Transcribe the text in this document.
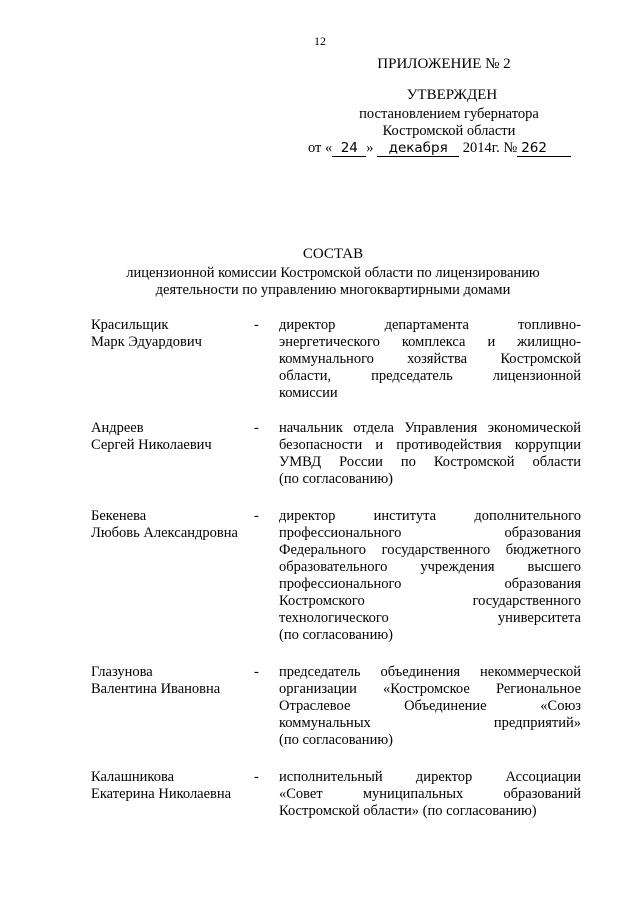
12
ПРИЛОЖЕНИЕ № 2
УТВЕРЖДЕН
постановлением губернатора
Костромской области
от « 24 » декабря 2014г. № 262
СОСТАВ
лицензионной комиссии Костромской области по лицензированию
деятельности по управлению многоквартирными домами
Красильщик
Марк Эдуардович
- директор департамента топливно-
энергетического комплекса и жилищно-
коммунального хозяйства Костромской
области, председатель лицензионной
комиссии
Андреев
Сергей Николаевич
- начальник отдела Управления экономической
безопасности и противодействия коррупции
УМВД России по Костромской области
(по согласованию)
Бекенева
Любовь Александровна
- директор института дополнительного
профессионального образования
Федерального государственного бюджетного
образовательного учреждения высшего
профессионального образования
Костромского государственного
технологического университета
(по согласованию)
Глазунова
Валентина Ивановна
- председатель объединения некоммерческой
организации «Костромское Региональное
Отраслевое Объединение «Союз
коммунальных предприятий»
(по согласованию)
Калашникова
Екатерина Николаевна
- исполнительный директор Ассоциации
«Совет муниципальных образований
Костромской области» (по согласованию)
